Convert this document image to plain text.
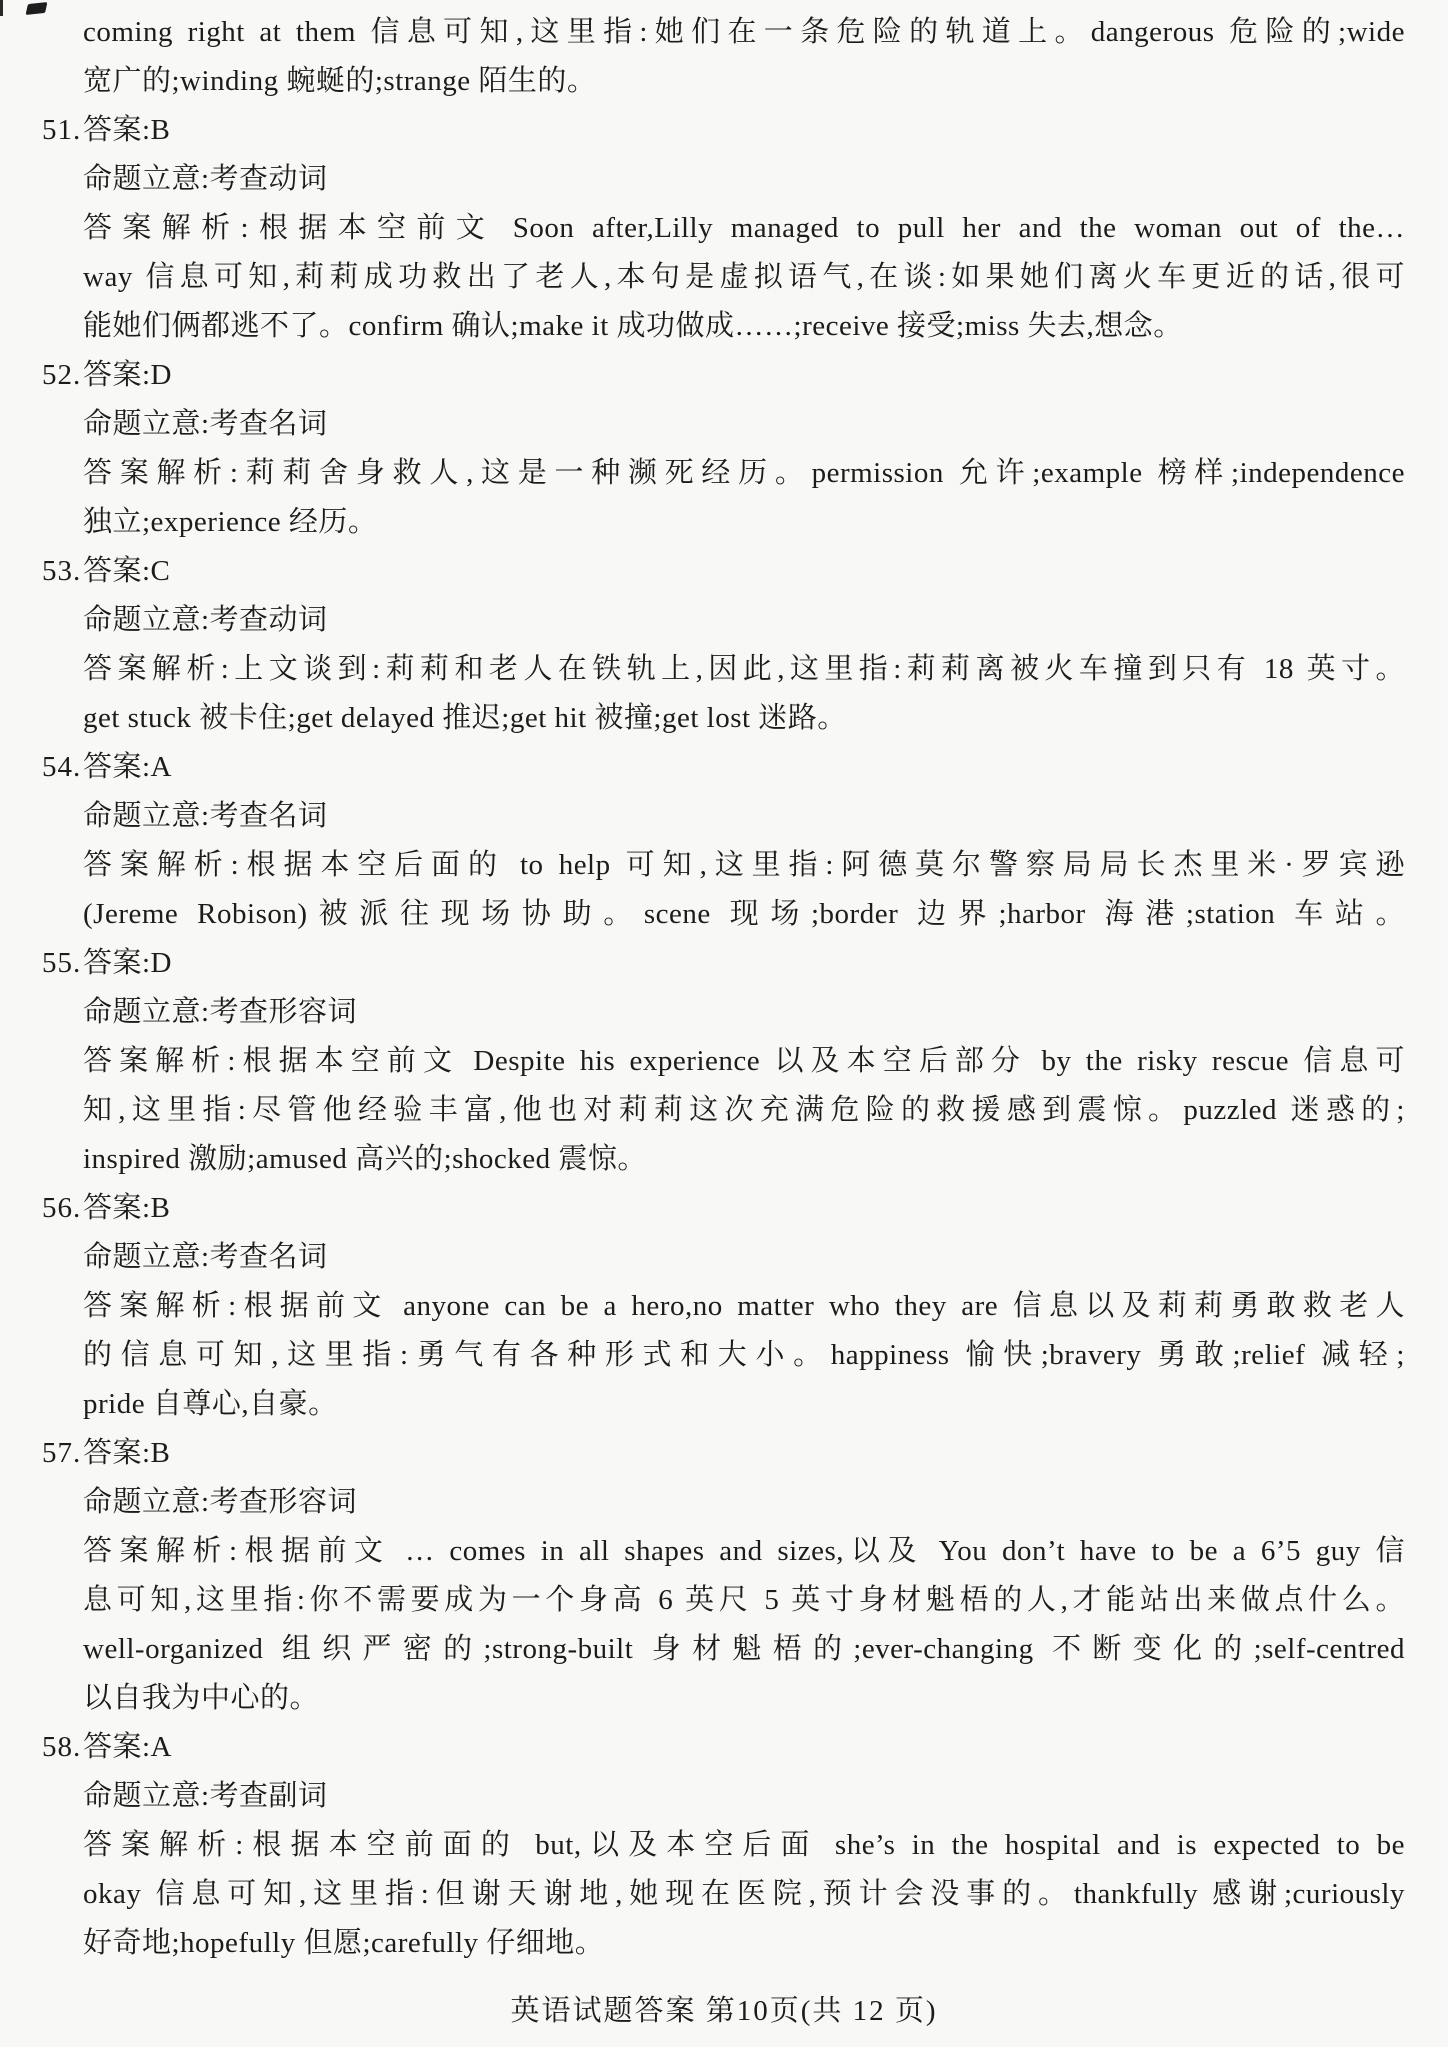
coming right at them 信息可知,这里指:她们在一条危险的轨道上。dangerous 危险的;wide
宽广的;winding 蜿蜒的;strange 陌生的。
51. 答案:B
命题立意:考查动词
答案解析:根据本空前文 Soon after,Lilly managed to pull her and the woman out of the…
way 信息可知,莉莉成功救出了老人,本句是虚拟语气,在谈:如果她们离火车更近的话,很可
能她们俩都逃不了。confirm 确认;make it 成功做成……;receive 接受;miss 失去,想念。
52. 答案:D
命题立意:考查名词
答案解析:莉莉舍身救人,这是一种濒死经历。permission 允许;example 榜样;independence
独立;experience 经历。
53. 答案:C
命题立意:考查动词
答案解析:上文谈到:莉莉和老人在铁轨上,因此,这里指:莉莉离被火车撞到只有 18 英寸。
get stuck 被卡住;get delayed 推迟;get hit 被撞;get lost 迷路。
54. 答案:A
命题立意:考查名词
答案解析:根据本空后面的 to help 可知,这里指:阿德莫尔警察局局长杰里米·罗宾逊
(Jereme Robison)被派往现场协助。scene 现场;border 边界;harbor 海港;station 车站。
55. 答案:D
命题立意:考查形容词
答案解析:根据本空前文 Despite his experience 以及本空后部分 by the risky rescue 信息可
知,这里指:尽管他经验丰富,他也对莉莉这次充满危险的救援感到震惊。puzzled 迷惑的;
inspired 激励;amused 高兴的;shocked 震惊。
56. 答案:B
命题立意:考查名词
答案解析:根据前文 anyone can be a hero,no matter who they are 信息以及莉莉勇敢救老人
的信息可知,这里指:勇气有各种形式和大小。happiness 愉快;bravery 勇敢;relief 减轻;
pride 自尊心,自豪。
57. 答案:B
命题立意:考查形容词
答案解析:根据前文 … comes in all shapes and sizes,以及 You don’t have to be a 6’5 guy 信
息可知,这里指:你不需要成为一个身高 6 英尺 5 英寸身材魁梧的人,才能站出来做点什么。
well-organized 组织严密的;strong-built 身材魁梧的;ever-changing 不断变化的;self-centred
以自我为中心的。
58. 答案:A
命题立意:考查副词
答案解析:根据本空前面的 but,以及本空后面 she’s in the hospital and is expected to be
okay 信息可知,这里指:但谢天谢地,她现在医院,预计会没事的。thankfully 感谢;curiously
好奇地;hopefully 但愿;carefully 仔细地。
英语试题答案 第10页(共 12 页)
